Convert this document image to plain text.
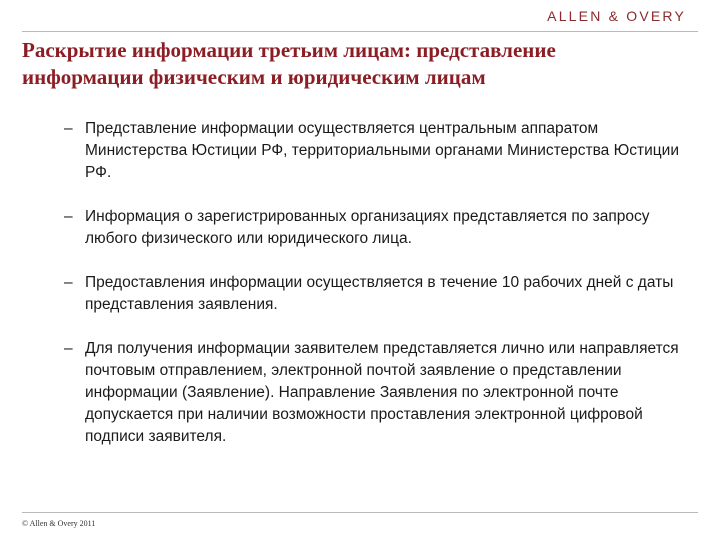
ALLEN & OVERY
Раскрытие информации третьим лицам: представление информации физическим и юридическим лицам
– Представление информации осуществляется центральным аппаратом Министерства Юстиции РФ, территориальными органами Министерства Юстиции РФ.
– Информация о зарегистрированных организациях представляется по запросу любого физического или юридического лица.
– Предоставления информации осуществляется в течение 10 рабочих дней с даты представления заявления.
– Для получения информации заявителем представляется лично или направляется почтовым отправлением, электронной почтой заявление о представлении информации (Заявление). Направление Заявления по электронной почте допускается при наличии возможности проставления электронной цифровой подписи заявителя.
© Allen & Overy 2011
